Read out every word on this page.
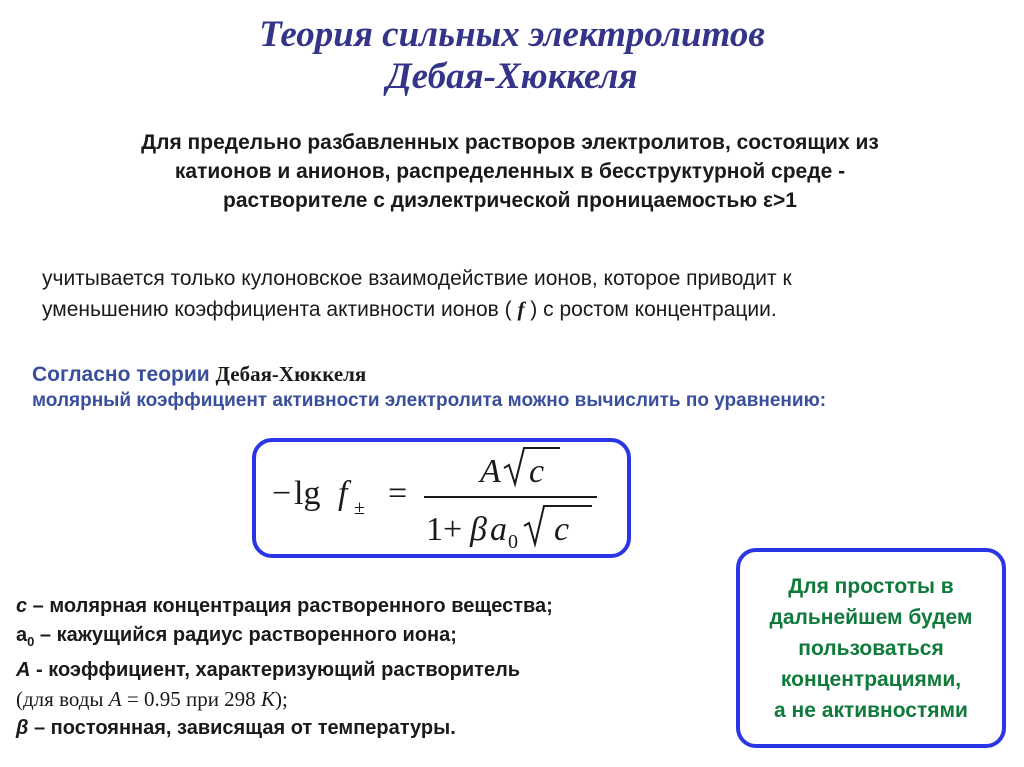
Теория сильных электролитов
Дебая-Хюккеля
Для предельно разбавленных растворов электролитов, состоящих из
катионов и анионов, распределенных в бесструктурной среде -
растворителе с диэлектрической проницаемостью ε>1
учитывается только кулоновское взаимодействие ионов, которое приводит к
уменьшению коэффициента активности ионов ( f ) с ростом концентрации.
Согласно теории Дебая-Хюккеля
молярный коэффициент активности электролита можно вычислить по уравнению:
− lg f ± =
A c
1+ β a 0 c
c – молярная концентрация растворенного вещества;
$a_0$ – кажущийся радиус растворенного иона;
A - коэффициент, характеризующий растворитель
(для воды A = 0.95 при 298 K);
β – постоянная, зависящая от температуры.
Для простоты в
дальнейшем будем
пользоваться
концентрациями,
а не активностями
